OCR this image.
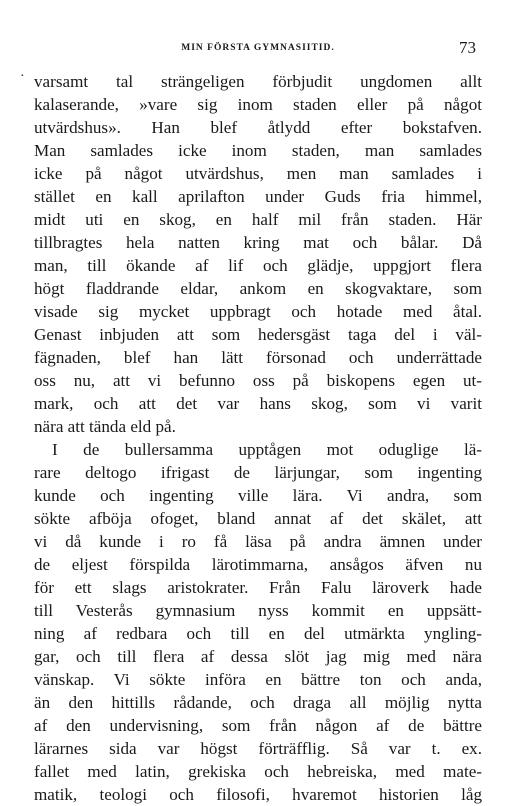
MIN FÖRSTA GYMNASIITID.	73
· varsamt tal strängeligen förbjudit ungdomen allt
kalaserande, »vare sig inom staden eller på något
utvärdshus». Han blef åtlydd efter bokstafven.
Man samlades icke inom staden, man samlades
icke på något utvärdshus, men man samlades i
stället en kall aprilafton under Guds fria himmel,
midt uti en skog, en half mil från staden. Här
tillbragtes hela natten kring mat och bålar. Då
man, till ökande af lif och glädje, uppgjort flera
högt fladdrande eldar, ankom en skogvaktare, som
visade sig mycket uppbragt och hotade med åtal.
Genast inbjuden att som hedersgäst taga del i väl-
fägnaden, blef han lätt försonad och underrättade
oss nu, att vi befunno oss på biskopens egen ut-
mark, och att det var hans skog, som vi varit
nära att tända eld på.
I de bullersamma upptågen mot oduglige lä-
rare deltogo ifrigast de lärjungar, som ingenting
kunde och ingenting ville lära. Vi andra, som
sökte afböja ofoget, bland annat af det skälet, att
vi då kunde i ro få läsa på andra ämnen under
de eljest förspilda lärotimmarna, ansågos äfven nu
för ett slags aristokrater. Från Falu läroverk hade
till Vesterås gymnasium nyss kommit en uppsätt-
ning af redbara och till en del utmärkta yngling-
gar, och till flera af dessa slöt jag mig med nära
vänskap. Vi sökte införa en bättre ton och anda,
än den hittills rådande, och draga all möjlig nytta
af den undervisning, som från någon af de bättre
lärarnes sida var högst förträfflig. Så var t. ex.
fallet med latin, grekiska och hebreiska, med mate-
matik, teologi och filosofi, hvaremot historien låg
